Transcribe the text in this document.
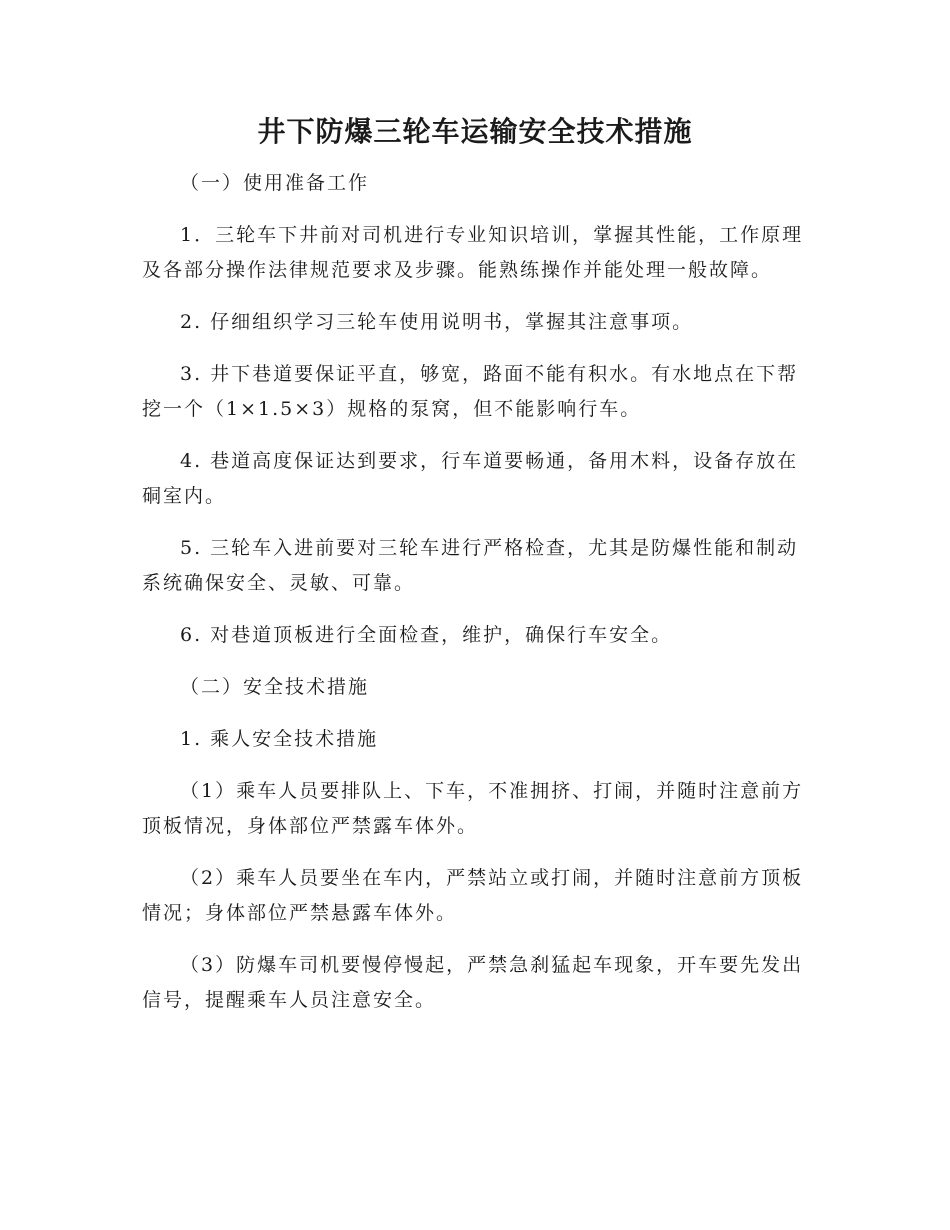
井下防爆三轮车运输安全技术措施

（一）使用准备工作

1．三轮车下井前对司机进行专业知识培训，掌握其性能，工作原理及各部分操作法律规范要求及步骤。能熟练操作并能处理一般故障。

2. 仔细组织学习三轮车使用说明书，掌握其注意事项。

3. 井下巷道要保证平直，够宽，路面不能有积水。有水地点在下帮挖一个（1×1.5×3）规格的泵窝，但不能影响行车。

4. 巷道高度保证达到要求，行车道要畅通，备用木料，设备存放在硐室内。

5. 三轮车入进前要对三轮车进行严格检查，尤其是防爆性能和制动系统确保安全、灵敏、可靠。

6. 对巷道顶板进行全面检查，维护，确保行车安全。

（二）安全技术措施

1. 乘人安全技术措施

（1）乘车人员要排队上、下车，不准拥挤、打闹，并随时注意前方顶板情况，身体部位严禁露车体外。

（2）乘车人员要坐在车内，严禁站立或打闹，并随时注意前方顶板情况；身体部位严禁悬露车体外。

（3）防爆车司机要慢停慢起，严禁急刹猛起车现象，开车要先发出信号，提醒乘车人员注意安全。
